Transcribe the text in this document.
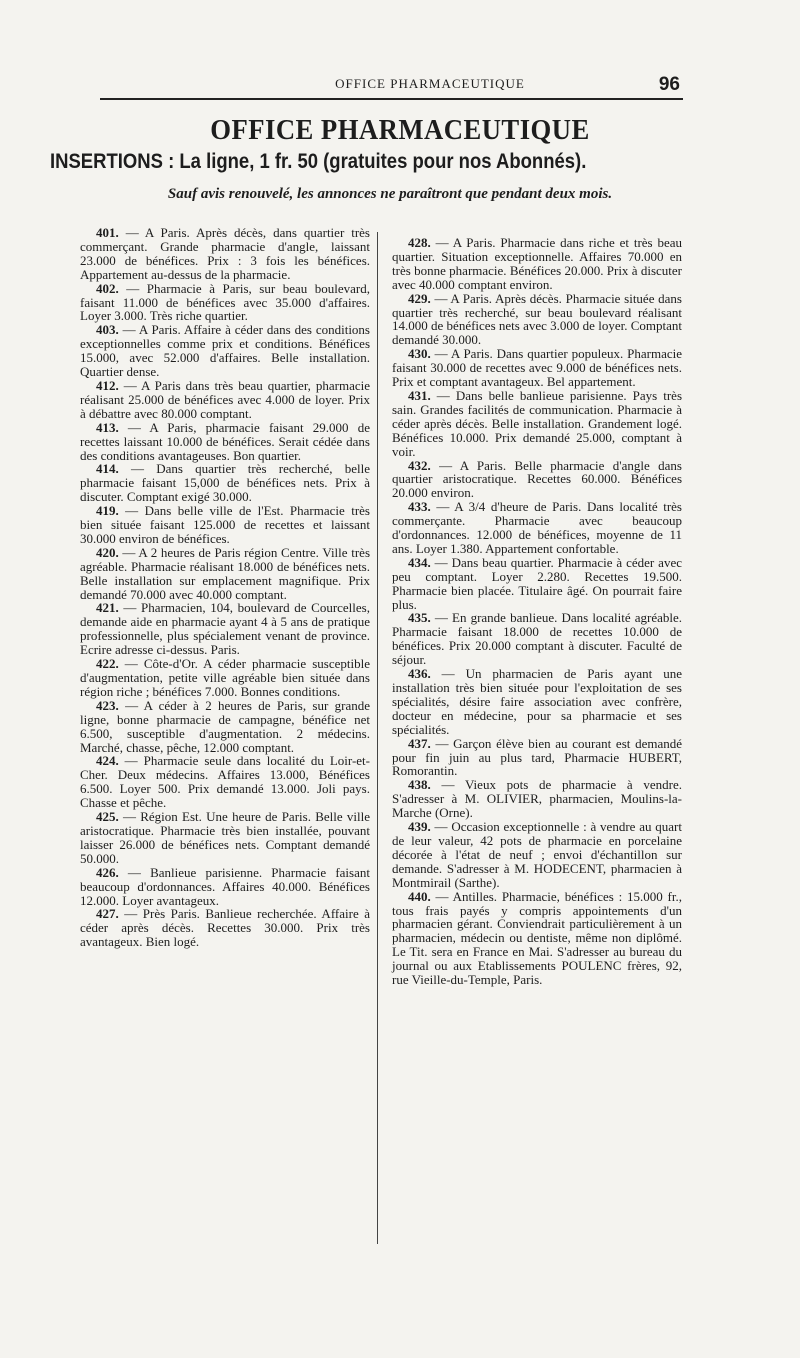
OFFICE PHARMACEUTIQUE	96
OFFICE PHARMACEUTIQUE
INSERTIONS : La ligne, 1 fr. 50 (gratuites pour nos Abonnés).
Sauf avis renouvelé, les annonces ne paraîtront que pendant deux mois.

401. — A Paris. Après décès, dans quartier très commerçant. Grande pharmacie d'angle, laissant 23.000 de bénéfices. Prix : 3 fois les bénéfices. Appartement au-dessus de la pharmacie.

402. — Pharmacie à Paris, sur beau boulevard, faisant 11.000 de bénéfices avec 35.000 d'affaires. Loyer 3.000. Très riche quartier.

403. — A Paris. Affaire à céder dans des conditions exceptionnelles comme prix et conditions. Bénéfices 15.000, avec 52.000 d'affaires. Belle installation. Quartier dense.

412. — A Paris dans très beau quartier, pharmacie réalisant 25.000 de bénéfices avec 4.000 de loyer. Prix à débattre avec 80.000 comptant.

413. — A Paris, pharmacie faisant 29.000 de recettes laissant 10.000 de bénéfices. Serait cédée dans des conditions avantageuses. Bon quartier.

414. — Dans quartier très recherché, belle pharmacie faisant 15,000 de bénéfices nets. Prix à discuter. Comptant exigé 30.000.

419. — Dans belle ville de l'Est. Pharmacie très bien située faisant 125.000 de recettes et laissant 30.000 environ de bénéfices.

420. — A 2 heures de Paris région Centre. Ville très agréable. Pharmacie réalisant 18.000 de bénéfices nets. Belle installation sur emplacement magnifique. Prix demandé 70.000 avec 40.000 comptant.

421. — Pharmacien, 104, boulevard de Courcelles, demande aide en pharmacie ayant 4 à 5 ans de pratique professionnelle, plus spécialement venant de province. Ecrire adresse ci-dessus. Paris.

422. — Côte-d'Or. A céder pharmacie susceptible d'augmentation, petite ville agréable bien située dans région riche ; bénéfices 7.000. Bonnes conditions.

423. — A céder à 2 heures de Paris, sur grande ligne, bonne pharmacie de campagne, bénéfice net 6.500, susceptible d'augmentation. 2 médecins. Marché, chasse, pêche, 12.000 comptant.

424. — Pharmacie seule dans localité du Loir-et-Cher. Deux médecins. Affaires 13.000, Bénéfices 6.500. Loyer 500. Prix demandé 13.000. Joli pays. Chasse et pêche.

425. — Région Est. Une heure de Paris. Belle ville aristocratique. Pharmacie très bien installée, pouvant laisser 26.000 de bénéfices nets. Comptant demandé 50.000.

426. — Banlieue parisienne. Pharmacie faisant beaucoup d'ordonnances. Affaires 40.000. Bénéfices 12.000. Loyer avantageux.

427. — Près Paris. Banlieue recherchée. Affaire à céder après décès. Recettes 30.000. Prix très avantageux. Bien logé.

428. — A Paris. Pharmacie dans riche et très beau quartier. Situation exceptionnelle. Affaires 70.000 en très bonne pharmacie. Bénéfices 20.000. Prix à discuter avec 40.000 comptant environ.

429. — A Paris. Après décès. Pharmacie située dans quartier très recherché, sur beau boulevard réalisant 14.000 de bénéfices nets avec 3.000 de loyer. Comptant demandé 30.000.

430. — A Paris. Dans quartier populeux. Pharmacie faisant 30.000 de recettes avec 9.000 de bénéfices nets. Prix et comptant avantageux. Bel appartement.

431. — Dans belle banlieue parisienne. Pays très sain. Grandes facilités de communication. Pharmacie à céder après décès. Belle installation. Grandement logé. Bénéfices 10.000. Prix demandé 25.000, comptant à voir.

432. — A Paris. Belle pharmacie d'angle dans quartier aristocratique. Recettes 60.000. Bénéfices 20.000 environ.

433. — A 3/4 d'heure de Paris. Dans localité très commerçante. Pharmacie avec beaucoup d'ordonnances. 12.000 de bénéfices, moyenne de 11 ans. Loyer 1.380. Appartement confortable.

434. — Dans beau quartier. Pharmacie à céder avec peu comptant. Loyer 2.280. Recettes 19.500. Pharmacie bien placée. Titulaire âgé. On pourrait faire plus.

435. — En grande banlieue. Dans localité agréable. Pharmacie faisant 18.000 de recettes 10.000 de bénéfices. Prix 20.000 comptant à discuter. Faculté de séjour.

436. — Un pharmacien de Paris ayant une installation très bien située pour l'exploitation de ses spécialités, désire faire association avec confrère, docteur en médecine, pour sa pharmacie et ses spécialités.

437. — Garçon élève bien au courant est demandé pour fin juin au plus tard, Pharmacie HUBERT, Romorantin.

438. — Vieux pots de pharmacie à vendre. S'adresser à M. OLIVIER, pharmacien, Moulins-la-Marche (Orne).

439. — Occasion exceptionnelle : à vendre au quart de leur valeur, 42 pots de pharmacie en porcelaine décorée à l'état de neuf ; envoi d'échantillon sur demande. S'adresser à M. HODECENT, pharmacien à Montmirail (Sarthe).

440. — Antilles. Pharmacie, bénéfices : 15.000 fr., tous frais payés y compris appointements d'un pharmacien gérant. Conviendrait particulièrement à un pharmacien, médecin ou dentiste, même non diplômé. Le Tit. sera en France en Mai. S'adresser au bureau du journal ou aux Etablissements POULENC frères, 92, rue Vieille-du-Temple, Paris.
